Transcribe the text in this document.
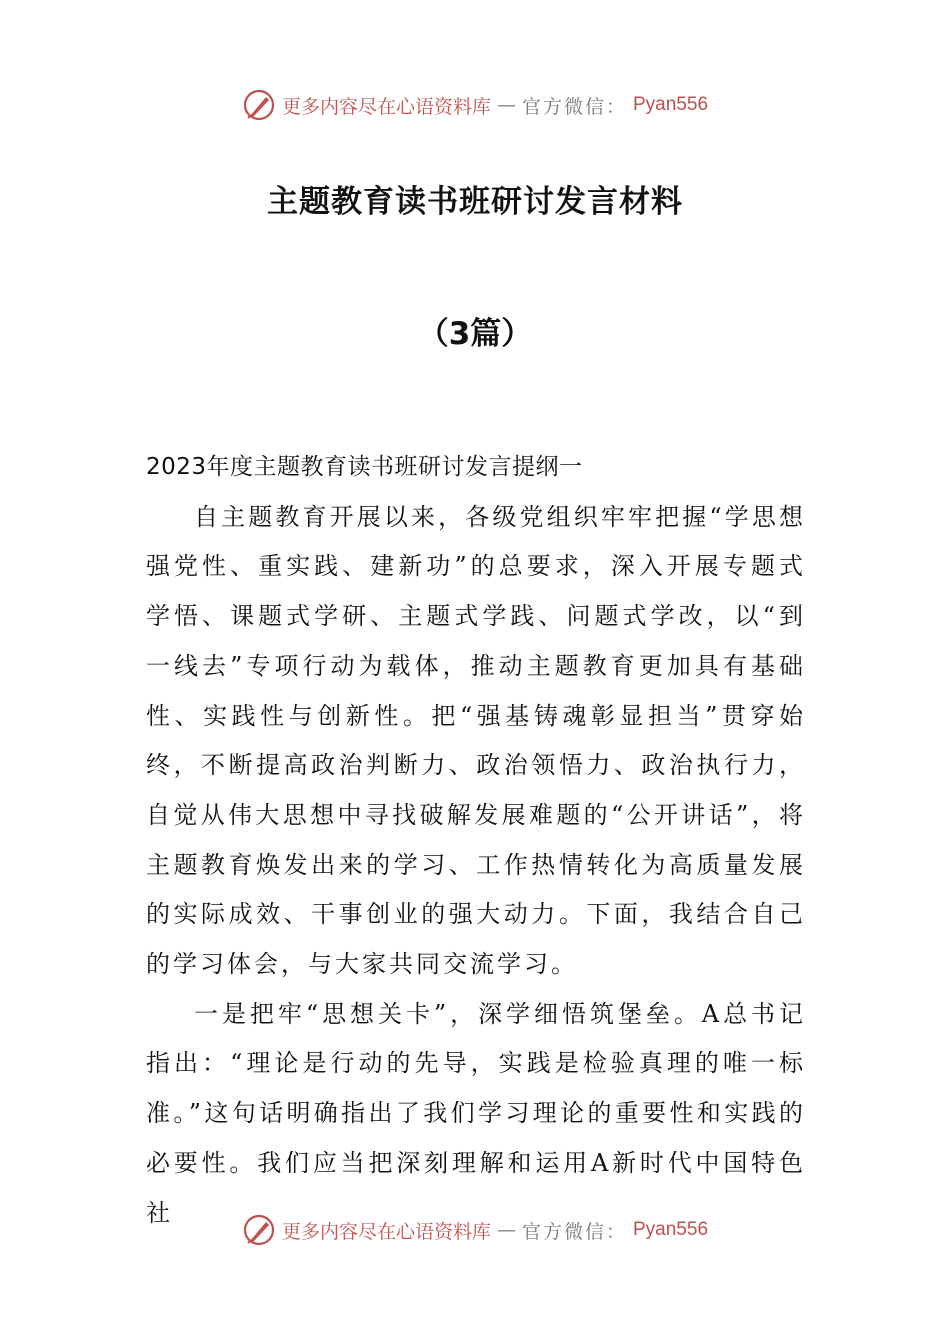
更多内容尽在心语资料库 — 官方微信： Pyan556
主题教育读书班研讨发言材料
（3篇）

2023年度主题教育读书班研讨发言提纲一

自主题教育开展以来，各级党组织牢牢把握“学思想强党性、重实践、建新功”的总要求，深入开展专题式学悟、课题式学研、主题式学践、问题式学改，以“到一线去”专项行动为载体，推动主题教育更加具有基础性、实践性与创新性。把“强基铸魂彰显担当”贯穿始终，不断提高政治判断力、政治领悟力、政治执行力，自觉从伟大思想中寻找破解发展难题的“公开讲话”，将主题教育焕发出来的学习、工作热情转化为高质量发展的实际成效、干事创业的强大动力。下面，我结合自己的学习体会，与大家共同交流学习。

一是把牢“思想关卡”，深学细悟筑堡垒。A总书记指出：“理论是行动的先导，实践是检验真理的唯一标准。”这句话明确指出了我们学习理论的重要性和实践的必要性。我们应当把深刻理解和运用A新时代中国特色社

更多内容尽在心语资料库 — 官方微信： Pyan556
